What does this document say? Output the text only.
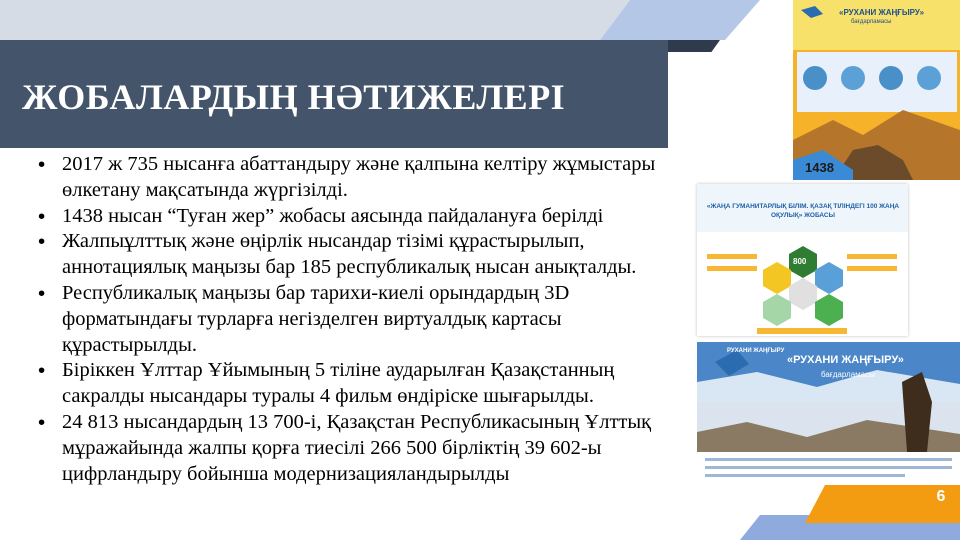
ЖОБАЛАРДЫҢ НӘТИЖЕЛЕРІ
• 2017 ж 735 нысанға абаттандыру және қалпына келтіру жұмыстары өлкетану мақсатында жүргізілді.
• 1438 нысан “Туған жер” жобасы аясында пайдалануға берілді
• Жалпыұлттық және өңірлік нысандар тізімі құрастырылып, аннотациялық маңызы бар 185 республикалық нысан анықталды.
• Республикалық маңызы бар тарихи-киелі орындардың 3D форматындағы турларға негізделген виртуалдық картасы құрастырылды.
• Біріккен Ұлттар Ұйымының 5 тіліне аударылған Қазақстанның сакралды нысандары туралы 4 фильм өндіріске шығарылды.
• 24 813 нысандардың 13 700-і, Қазақстан Республикасының Ұлттық мұражайында жалпы қорға тиесілі 266 500 бірліктің 39 602-ы цифрландыру бойынша модернизацияландырылды
«РУХАНИ ЖАҢҒЫРУ»
бағдарламасы
1438
«ЖАҢА ГУМАНИТАРЛЫҚ БІЛІМ. ҚАЗАҚ ТІЛІНДЕГІ 100 ЖАҢА ОҚУЛЫҚ» ЖОБАСЫ
800
РУХАНИ ЖАҢҒЫРУ
«РУХАНИ ЖАҢҒЫРУ»
бағдарламасы
6
